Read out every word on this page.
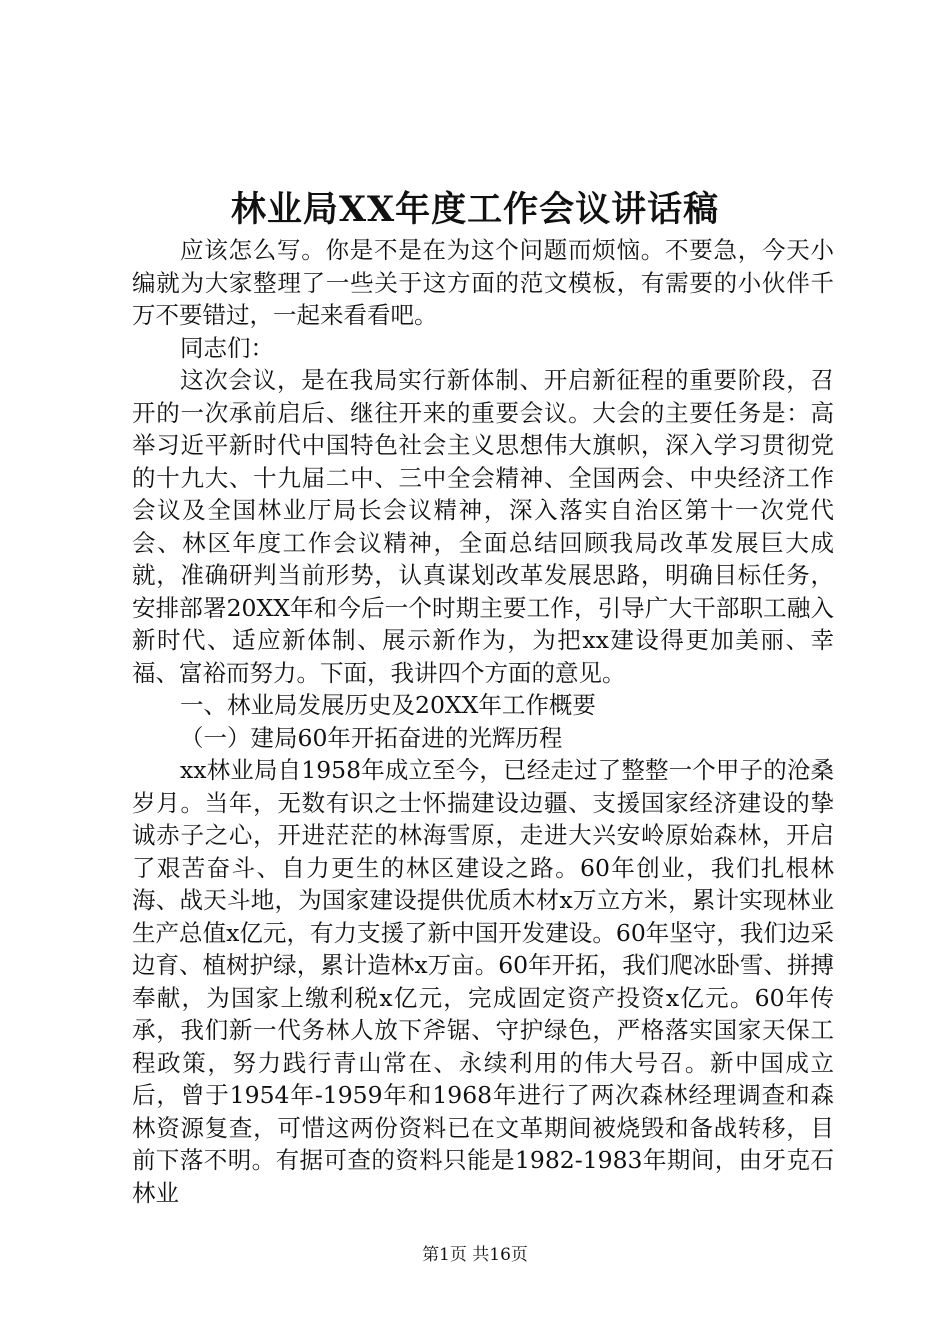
林业局XX年度工作会议讲话稿

应该怎么写。你是不是在为这个问题而烦恼。不要急，今天小编就为大家整理了一些关于这方面的范文模板，有需要的小伙伴千万不要错过，一起来看看吧。

同志们：

这次会议，是在我局实行新体制、开启新征程的重要阶段，召开的一次承前启后、继往开来的重要会议。大会的主要任务是：高举习近平新时代中国特色社会主义思想伟大旗帜，深入学习贯彻党的十九大、十九届二中、三中全会精神、全国两会、中央经济工作会议及全国林业厅局长会议精神，深入落实自治区第十一次党代会、林区年度工作会议精神，全面总结回顾我局改革发展巨大成就，准确研判当前形势，认真谋划改革发展思路，明确目标任务，安排部署20XX年和今后一个时期主要工作，引导广大干部职工融入新时代、适应新体制、展示新作为，为把xx建设得更加美丽、幸福、富裕而努力。下面，我讲四个方面的意见。

一、林业局发展历史及20XX年工作概要

（一）建局60年开拓奋进的光辉历程

xx林业局自1958年成立至今，已经走过了整整一个甲子的沧桑岁月。当年，无数有识之士怀揣建设边疆、支援国家经济建设的挚诚赤子之心，开进茫茫的林海雪原，走进大兴安岭原始森林，开启了艰苦奋斗、自力更生的林区建设之路。60年创业，我们扎根林海、战天斗地，为国家建设提供优质木材x万立方米，累计实现林业生产总值x亿元，有力支援了新中国开发建设。60年坚守，我们边采边育、植树护绿，累计造林x万亩。60年开拓，我们爬冰卧雪、拼搏奉献，为国家上缴利税x亿元，完成固定资产投资x亿元。60年传承，我们新一代务林人放下斧锯、守护绿色，严格落实国家天保工程政策，努力践行青山常在、永续利用的伟大号召。新中国成立后，曾于1954年-1959年和1968年进行了两次森林经理调查和森林资源复查，可惜这两份资料已在文革期间被烧毁和备战转移，目前下落不明。有据可查的资料只能是1982-1983年期间，由牙克石林业

第1页 共16页
